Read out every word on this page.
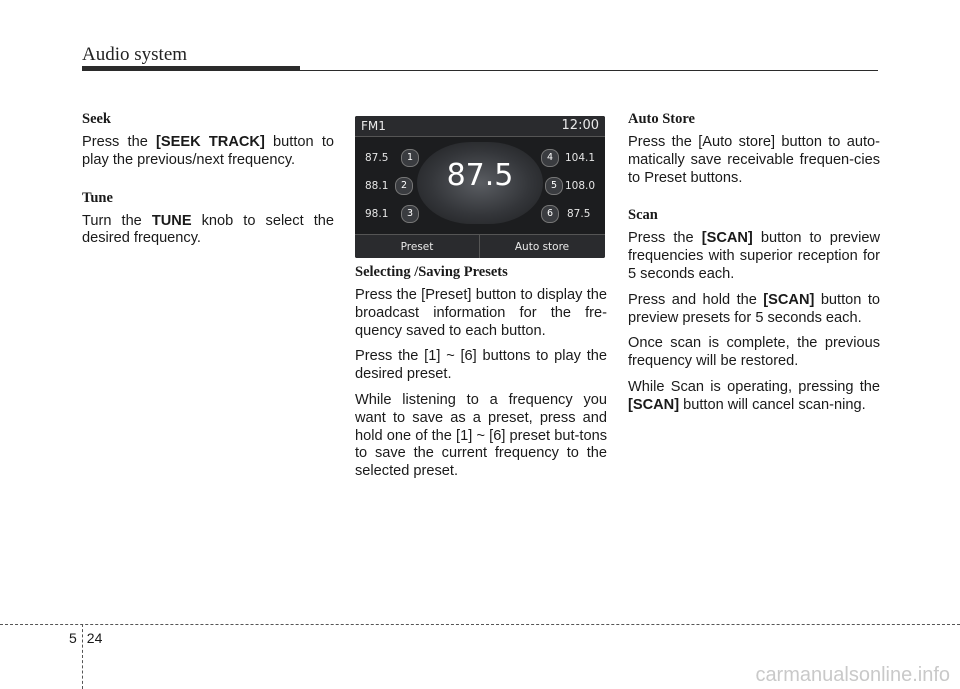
Audio system
Seek

Press the [SEEK TRACK] button to play the previous/next frequency.

Tune

Turn the TUNE knob to select the desired frequency.

FM1	12:00
87.5
87.5	1	4	104.1
88.1	2	5 108.0
98.1	3	6	87.5
Preset	Auto store
Selecting /Saving Presets

Press the [Preset] button to display the broadcast information for the fre-quency saved to each button.

Press the [1] ~ [6] buttons to play the desired preset.

While listening to a frequency you want to save as a preset, press and hold one of the [1] ~ [6] preset but-tons to save the current frequency to the selected preset.

Auto Store

Press the [Auto store] button to auto-matically save receivable frequen-cies to Preset buttons.

Scan

Press the [SCAN] button to preview frequencies with superior reception for 5 seconds each.

Press and hold the [SCAN] button to preview presets for 5 seconds each.

Once scan is complete, the previous frequency will be restored.

While Scan is operating, pressing the [SCAN] button will cancel scan-ning.

5 24
carmanualsonline.info
